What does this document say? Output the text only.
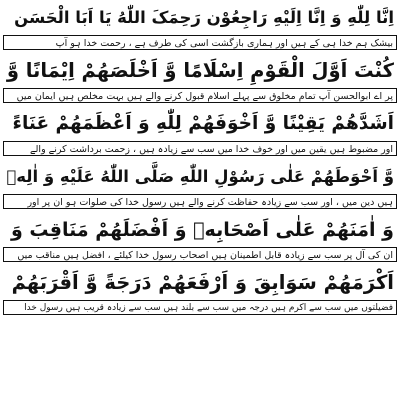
اِنَّا لِلّٰهِ وَ اِنَّا اِلَیْهِ رَاجِعُوْن رَحِمَکَ اللّٰهُ یَا اَبَا الْحَسَن
بیشک ہم خدا ہی کے ہیں اور ہماری بازگشت اسی کی طرف ہے ، رحمت خدا ہو آپ
کُنْتَ اَوَّلَ الْقَوْمِ اِسْلَامًا وَّ اَخْلَصَهُمْ اِیْمَانًا وَّ
پر اے ابوالحسن آپ تمام مخلوق سے پہلے اسلام قبول کرنے والے ہیں بہت مخلص ہیں ایمان میں
اَشَدَّهُمْ یَقِیْنًا وَّ اَخْوَفَهُمْ لِلّٰهِ وَ اَعْظَمَهُمْ عَنَاءً
اور مضبوط ہیں یقین میں اور خوف خدا میں سب سے زیادہ ہیں ، زحمت برداشت کرنے والے
وَّ اَحْوَطَهُمْ عَلٰی رَسُوْلِ اللّٰهِ صَلَّی اللّٰهُ عَلَیْهِ وَ اٰلِهٖ
ہیں دین میں ، اور سب سے زیادہ حفاظت کرنے والے ہیں رسول خدا کی صلوات ہو ان پر اور
وَ اٰمَنَهُمْ عَلٰی اَصْحَابِهٖ وَ اَفْضَلَهُمْ مَنَاقِبَ وَ
ان کی آل پر سب سے زیادہ قابل اطمینان ہیں اصحاب رسول خدا کیلئے ، افضل ہیں مناقب میں
اَکْرَمَهُمْ سَوَابِقَ وَ اَرْفَعَهُمْ دَرَجَةً وَّ اَقْرَبَهُمْ
فضیلتوں میں سب سے اکرم ہیں درجہ میں سب سے بلند ہیں سب سے زیادہ قریب ہیں رسول خدا
